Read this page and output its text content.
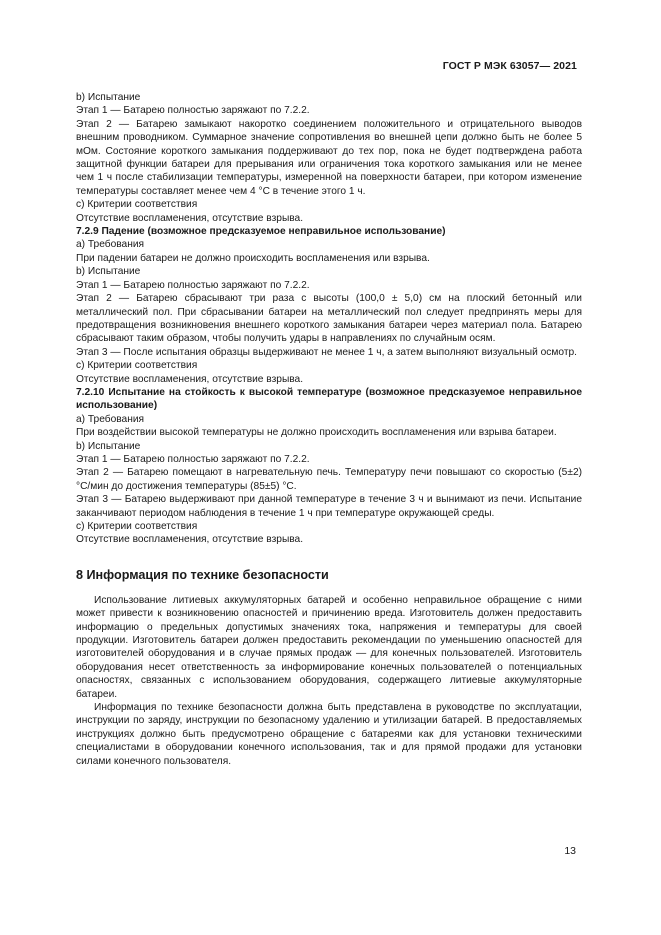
ГОСТ Р МЭК 63057— 2021

b) Испытание

Этап 1 — Батарею полностью заряжают по 7.2.2.

Этап 2 — Батарею замыкают накоротко соединением положительного и отрицательного выводов внешним проводником. Суммарное значение сопротивления во внешней цепи должно быть не более 5 мОм. Состояние короткого замыкания поддерживают до тех пор, пока не будет подтверждена работа защитной функции батареи для прерывания или ограничения тока короткого замыкания или не менее чем 1 ч после стабилизации температуры, измеренной на поверхности батареи, при котором изменение температуры составляет менее чем 4 °С в течение этого 1 ч.

c) Критерии соответствия

Отсутствие воспламенения, отсутствие взрыва.

7.2.9 Падение (возможное предсказуемое неправильное использование)

a) Требования

При падении батареи не должно происходить воспламенения или взрыва.

b) Испытание

Этап 1 — Батарею полностью заряжают по 7.2.2.

Этап 2 — Батарею сбрасывают три раза с высоты (100,0 ± 5,0) см на плоский бетонный или металлический пол. При сбрасывании батареи на металлический пол следует предпринять меры для предотвращения возникновения внешнего короткого замыкания батареи через материал пола. Батарею сбрасывают таким образом, чтобы получить удары в направлениях по случайным осям.

Этап 3 — После испытания образцы выдерживают не менее 1 ч, а затем выполняют визуальный осмотр.

c) Критерии соответствия

Отсутствие воспламенения, отсутствие взрыва.

7.2.10 Испытание на стойкость к высокой температуре (возможное предсказуемое неправильное использование)

a) Требования

При воздействии высокой температуры не должно происходить воспламенения или взрыва батареи.

b) Испытание

Этап 1 — Батарею полностью заряжают по 7.2.2.

Этап 2 — Батарею помещают в нагревательную печь. Температуру печи повышают со скоростью (5±2) °С/мин до достижения температуры (85±5) °С.

Этап 3 — Батарею выдерживают при данной температуре в течение 3 ч и вынимают из печи. Испытание заканчивают периодом наблюдения в течение 1 ч при температуре окружающей среды.

c) Критерии соответствия

Отсутствие воспламенения, отсутствие взрыва.

8 Информация по технике безопасности

Использование литиевых аккумуляторных батарей и особенно неправильное обращение с ними может привести к возникновению опасностей и причинению вреда. Изготовитель должен предоставить информацию о предельных допустимых значениях тока, напряжения и температуры для своей продукции. Изготовитель батареи должен предоставить рекомендации по уменьшению опасностей для изготовителей оборудования и в случае прямых продаж — для конечных пользователей. Изготовитель оборудования несет ответственность за информирование конечных пользователей о потенциальных опасностях, связанных с использованием оборудования, содержащего литиевые аккумуляторные батареи.

Информация по технике безопасности должна быть представлена в руководстве по эксплуатации, инструкции по заряду, инструкции по безопасному удалению и утилизации батарей. В предоставляемых инструкциях должно быть предусмотрено обращение с батареями как для установки техническими специалистами в оборудовании конечного использования, так и для прямой продажи для установки силами конечного пользователя.

13
